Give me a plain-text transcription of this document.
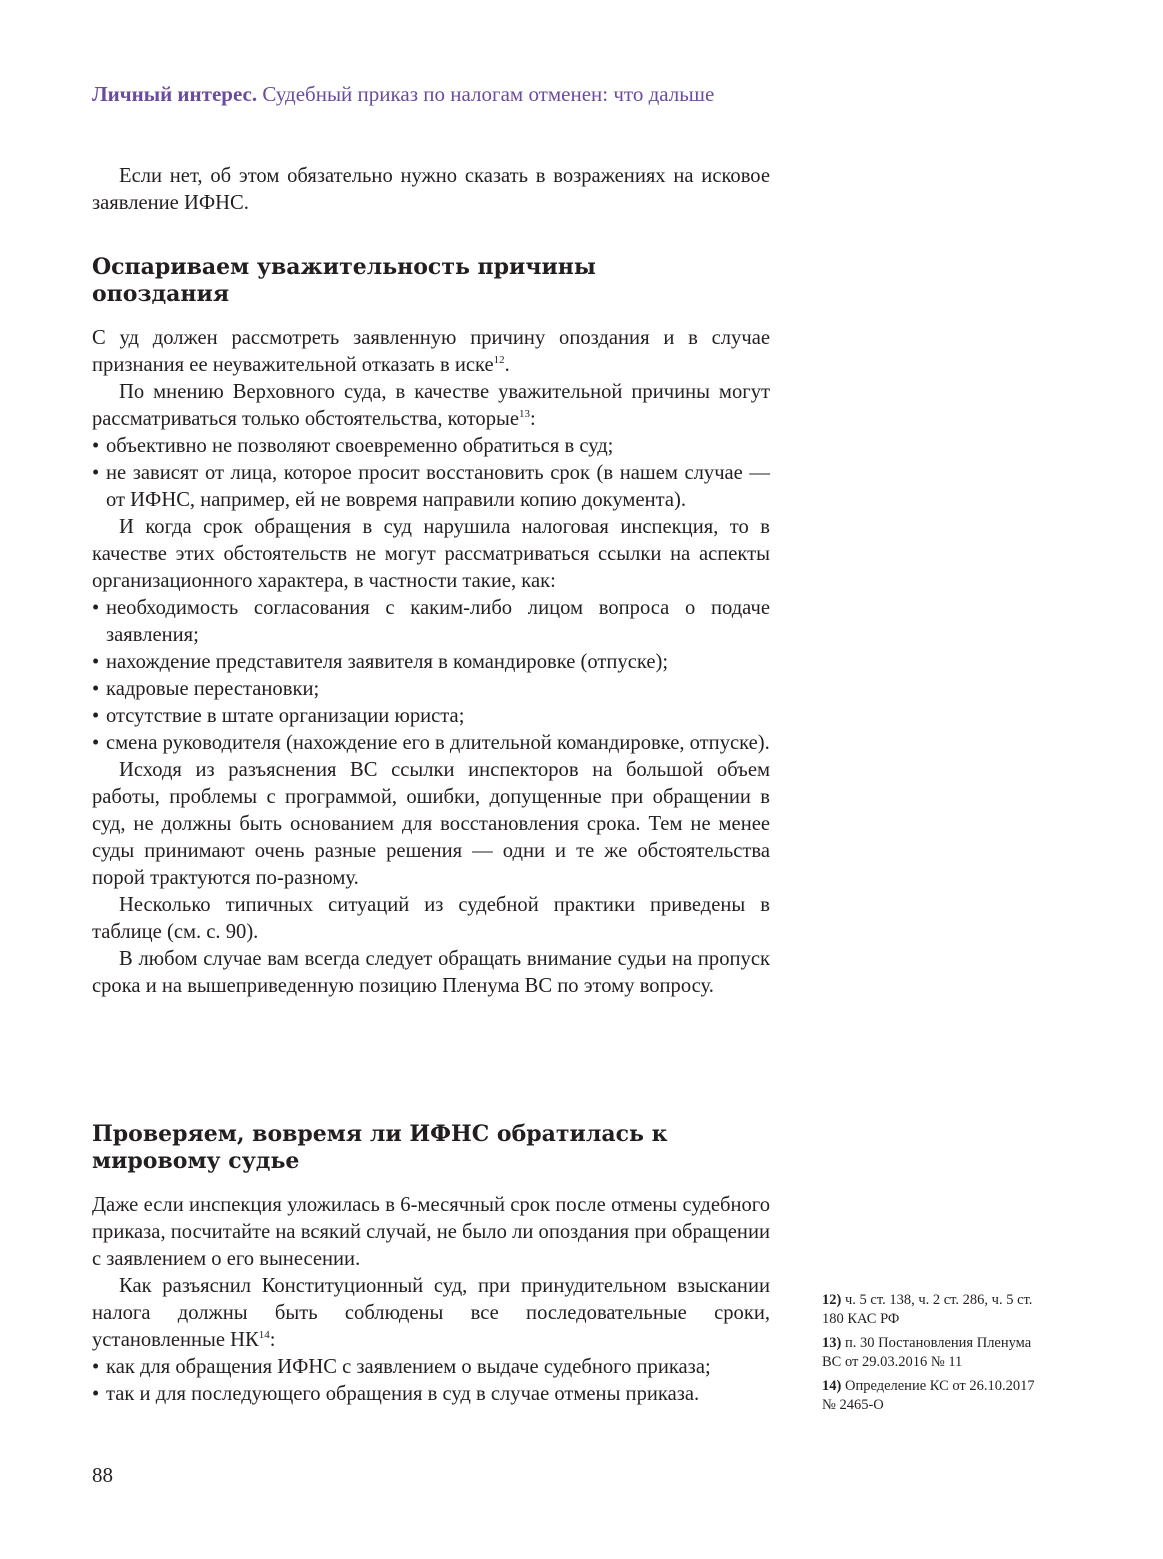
Личный интерес. Судебный приказ по налогам отменен: что дальше

Если нет, об этом обязательно нужно сказать в возражениях на исковое заявление ИФНС.

Оспариваем уважительность причины опоздания

С уд должен рассмотреть заявленную причину опоздания и в случае признания ее неуважительной отказать в иске$^{12}$.

По мнению Верховного суда, в качестве уважительной причины могут рассматриваться только обстоятельства, которые$^{13}$:

• объективно не позволяют своевременно обратиться в суд;

• не зависят от лица, которое просит восстановить срок (в нашем случае — от ИФНС, например, ей не вовремя направили копию документа).

И когда срок обращения в суд нарушила налоговая инспекция, то в качестве этих обстоятельств не могут рассматриваться ссылки на аспекты организационного характера, в частности такие, как:

• необходимость согласования с каким-либо лицом вопроса о подаче заявления;

• нахождение представителя заявителя в командировке (отпуске);

• кадровые перестановки;

• отсутствие в штате организации юриста;

• смена руководителя (нахождение его в длительной командировке, отпуске).

Исходя из разъяснения ВС ссылки инспекторов на большой объем работы, проблемы с программой, ошибки, допущенные при обращении в суд, не должны быть основанием для восстановления срока. Тем не менее суды принимают очень разные решения — одни и те же обстоятельства порой трактуются по-разному.

Несколько типичных ситуаций из судебной практики приведены в таблице (см. с. 90).

В любом случае вам всегда следует обращать внимание судьи на пропуск срока и на вышеприведенную позицию Пленума ВС по этому вопросу.

Проверяем, вовремя ли ИФНС обратилась к мировому судье

Даже если инспекция уложилась в 6-месячный срок после отмены судебного приказа, посчитайте на всякий случай, не было ли опоздания при обращении с заявлением о его вынесении.

Как разъяснил Конституционный суд, при принудительном взыскании налога должны быть соблюдены все последовательные сроки, установленные НК$^{14}$:

• как для обращения ИФНС с заявлением о выдаче судебного приказа;

• так и для последующего обращения в суд в случае отмены приказа.

12) ч. 5 ст. 138, ч. 2 ст. 286, ч. 5 ст. 180 КАС РФ
13) п. 30 Постановления Пленума ВС от 29.03.2016 № 11
14) Определение КС от 26.10.2017 № 2465-О
88
